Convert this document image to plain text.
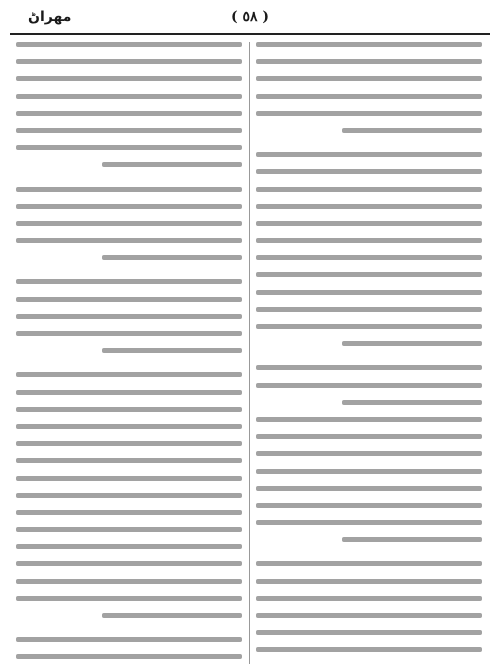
( ٥٨ )
مهراڻ
